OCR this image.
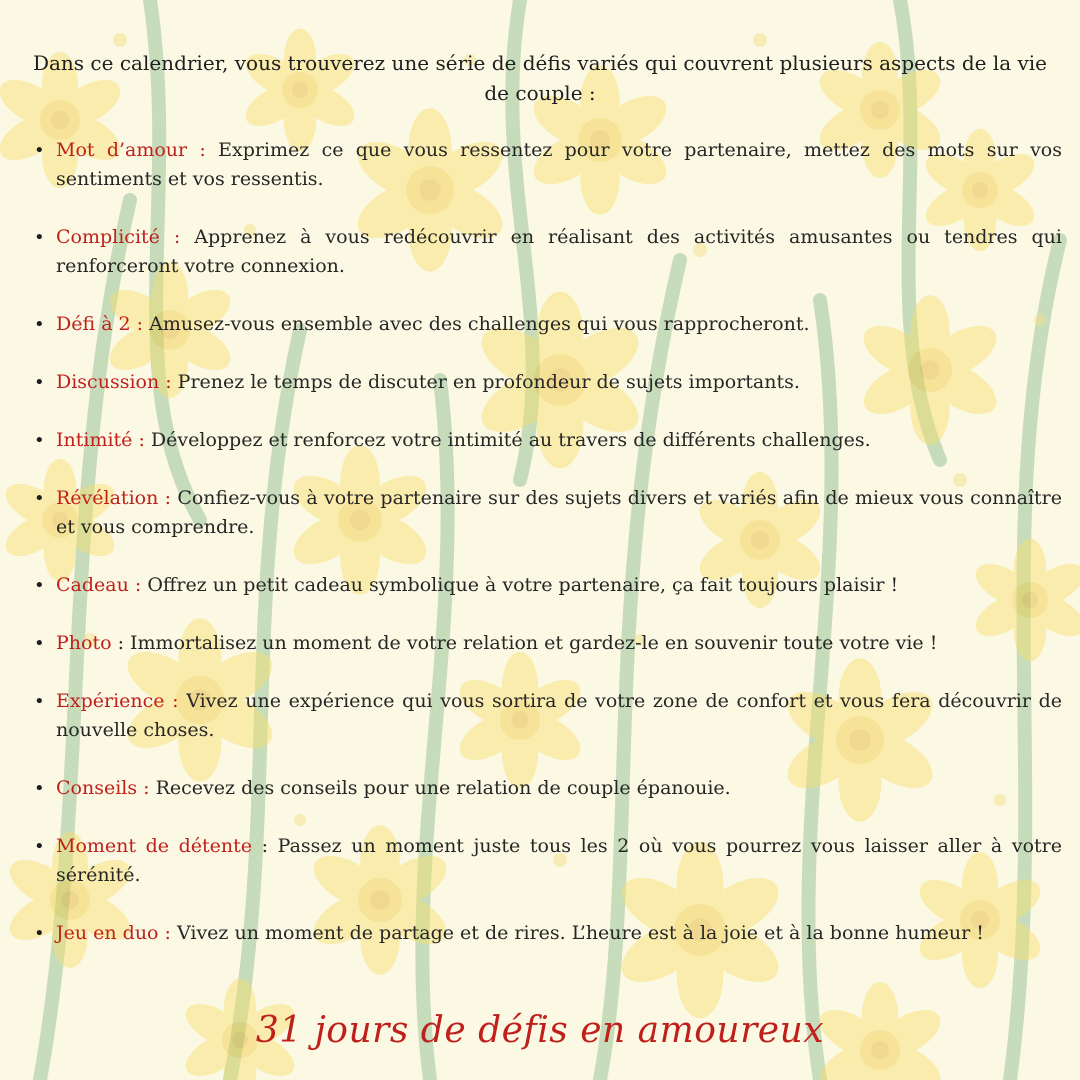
Dans ce calendrier, vous trouverez une série de défis variés qui couvrent plusieurs aspects de la vie de couple :
• Mot d’amour : Exprimez ce que vous ressentez pour votre partenaire, mettez des mots sur vos sentiments et vos ressentis.
• Complicité : Apprenez à vous redécouvrir en réalisant des activités amusantes ou tendres qui renforceront votre connexion.
• Défi à 2 : Amusez-vous ensemble avec des challenges qui vous rapprocheront.
• Discussion : Prenez le temps de discuter en profondeur de sujets importants.
• Intimité : Développez et renforcez votre intimité au travers de différents challenges.
• Révélation : Confiez-vous à votre partenaire sur des sujets divers et variés afin de mieux vous connaître et vous comprendre.
• Cadeau : Offrez un petit cadeau symbolique à votre partenaire, ça fait toujours plaisir !
• Photo : Immortalisez un moment de votre relation et gardez-le en souvenir toute votre vie !
• Expérience : Vivez une expérience qui vous sortira de votre zone de confort et vous fera découvrir de nouvelle choses.
• Conseils : Recevez des conseils pour une relation de couple épanouie.
• Moment de détente : Passez un moment juste tous les 2 où vous pourrez vous laisser aller à votre sérénité.
• Jeu en duo : Vivez un moment de partage et de rires. L’heure est à la joie et à la bonne humeur !
31 jours de défis en amoureux
